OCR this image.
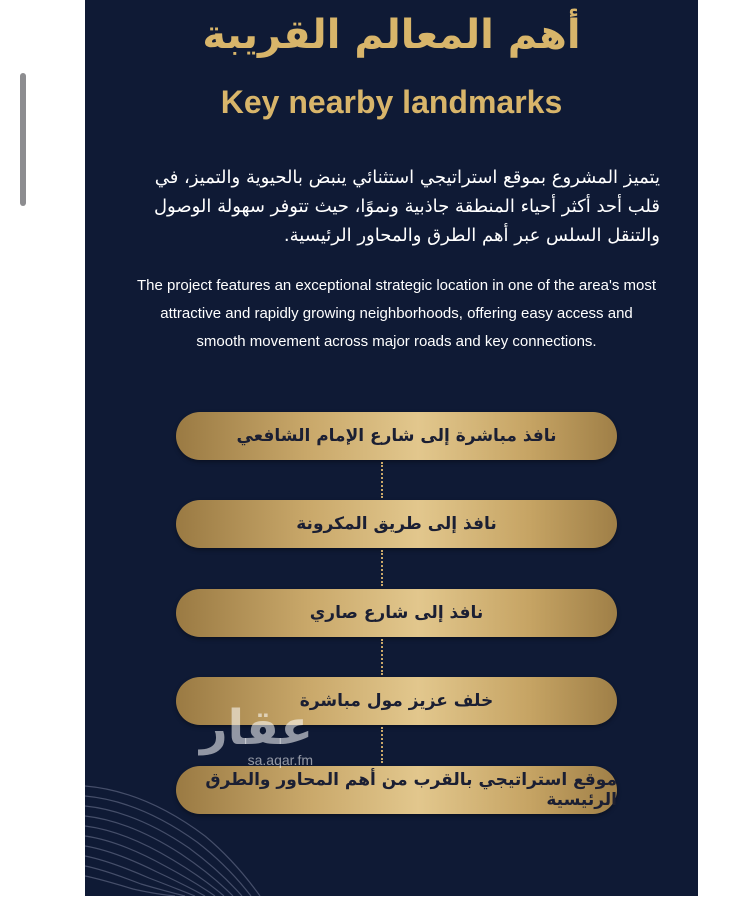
أهم المعالم القريبة
Key nearby landmarks
يتميز المشروع بموقع استراتيجي استثنائي ينبض بالحيوية والتميز، في قلب أحد أكثر أحياء المنطقة جاذبية ونموًا، حيث تتوفر سهولة الوصول والتنقل السلس عبر أهم الطرق والمحاور الرئيسية.
The project features an exceptional strategic location in one of the area's most attractive and rapidly growing neighborhoods, offering easy access and smooth movement across major roads and key connections.
نافذ مباشرة إلى شارع الإمام الشافعي
نافذ إلى طريق المكرونة
نافذ إلى شارع صاري
خلف عزيز مول مباشرة
موقع استراتيجي بالقرب من أهم المحاور والطرق الرئيسية
عقار
sa.aqar.fm
